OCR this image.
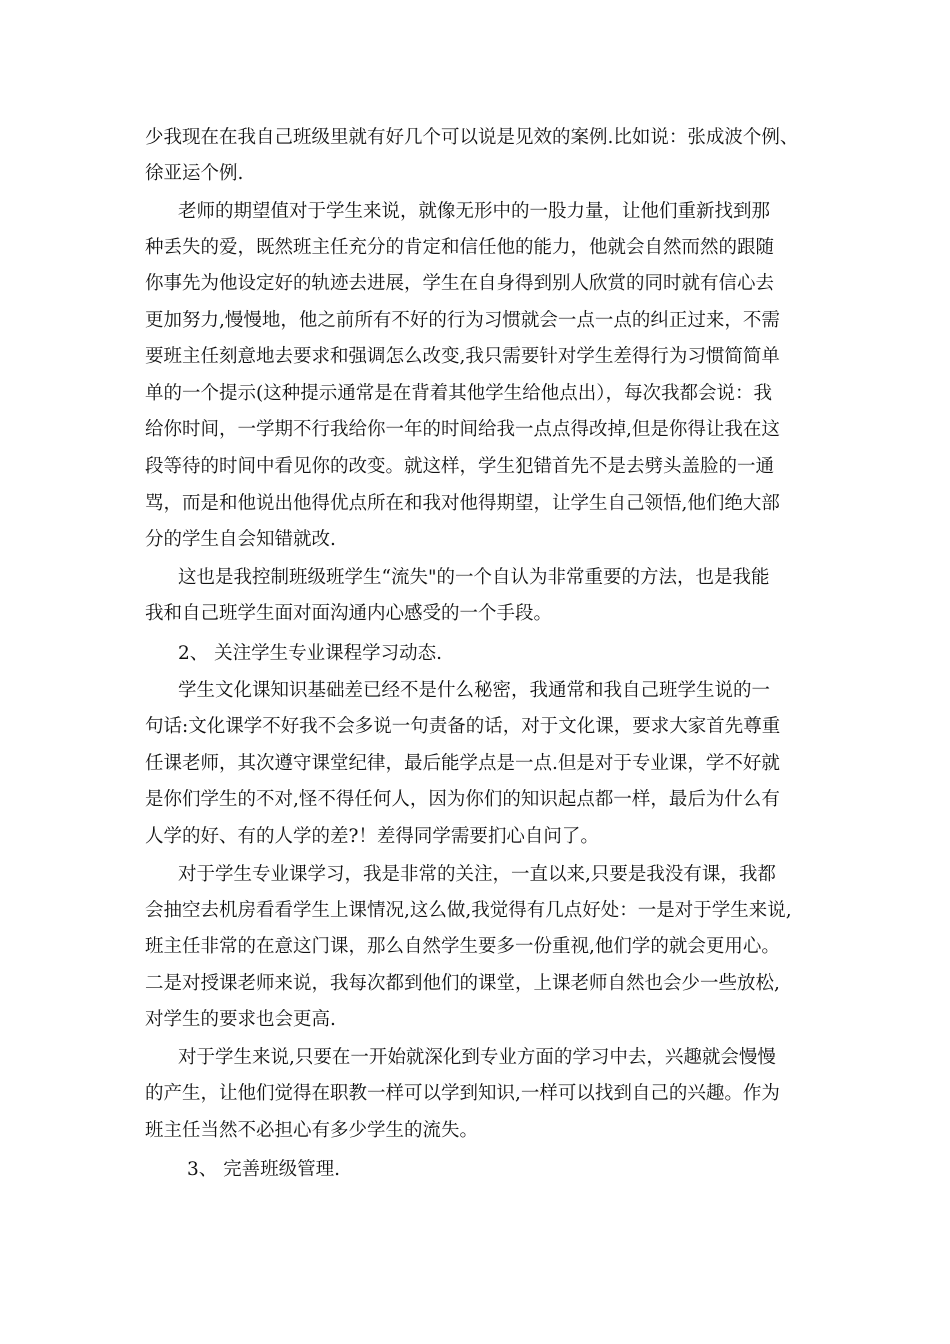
少我现在在我自己班级里就有好几个可以说是见效的案例.比如说：张成波个例、
徐亚运个例.
老师的期望值对于学生来说，就像无形中的一股力量，让他们重新找到那
种丢失的爱，既然班主任充分的肯定和信任他的能力，他就会自然而然的跟随
你事先为他设定好的轨迹去进展，学生在自身得到别人欣赏的同时就有信心去
更加努力,慢慢地，他之前所有不好的行为习惯就会一点一点的纠正过来，不需
要班主任刻意地去要求和强调怎么改变,我只需要针对学生差得行为习惯简简单
单的一个提示(这种提示通常是在背着其他学生给他点出），每次我都会说：我
给你时间，一学期不行我给你一年的时间给我一点点得改掉,但是你得让我在这
段等待的时间中看见你的改变。就这样，学生犯错首先不是去劈头盖脸的一通
骂，而是和他说出他得优点所在和我对他得期望，让学生自己领悟,他们绝大部
分的学生自会知错就改.
这也是我控制班级班学生“流失"的一个自认为非常重要的方法，也是我能
我和自己班学生面对面沟通内心感受的一个手段。
2、 关注学生专业课程学习动态.
学生文化课知识基础差已经不是什么秘密，我通常和我自己班学生说的一
句话:文化课学不好我不会多说一句责备的话，对于文化课，要求大家首先尊重
任课老师，其次遵守课堂纪律，最后能学点是一点.但是对于专业课，学不好就
是你们学生的不对,怪不得任何人，因为你们的知识起点都一样，最后为什么有
人学的好、有的人学的差?！差得同学需要扪心自问了。
对于学生专业课学习，我是非常的关注，一直以来,只要是我没有课，我都
会抽空去机房看看学生上课情况,这么做,我觉得有几点好处：一是对于学生来说,
班主任非常的在意这门课，那么自然学生要多一份重视,他们学的就会更用心。
二是对授课老师来说，我每次都到他们的课堂，上课老师自然也会少一些放松,
对学生的要求也会更高.
对于学生来说,只要在一开始就深化到专业方面的学习中去，兴趣就会慢慢
的产生，让他们觉得在职教一样可以学到知识,一样可以找到自己的兴趣。作为
班主任当然不必担心有多少学生的流失。
3、 完善班级管理.
